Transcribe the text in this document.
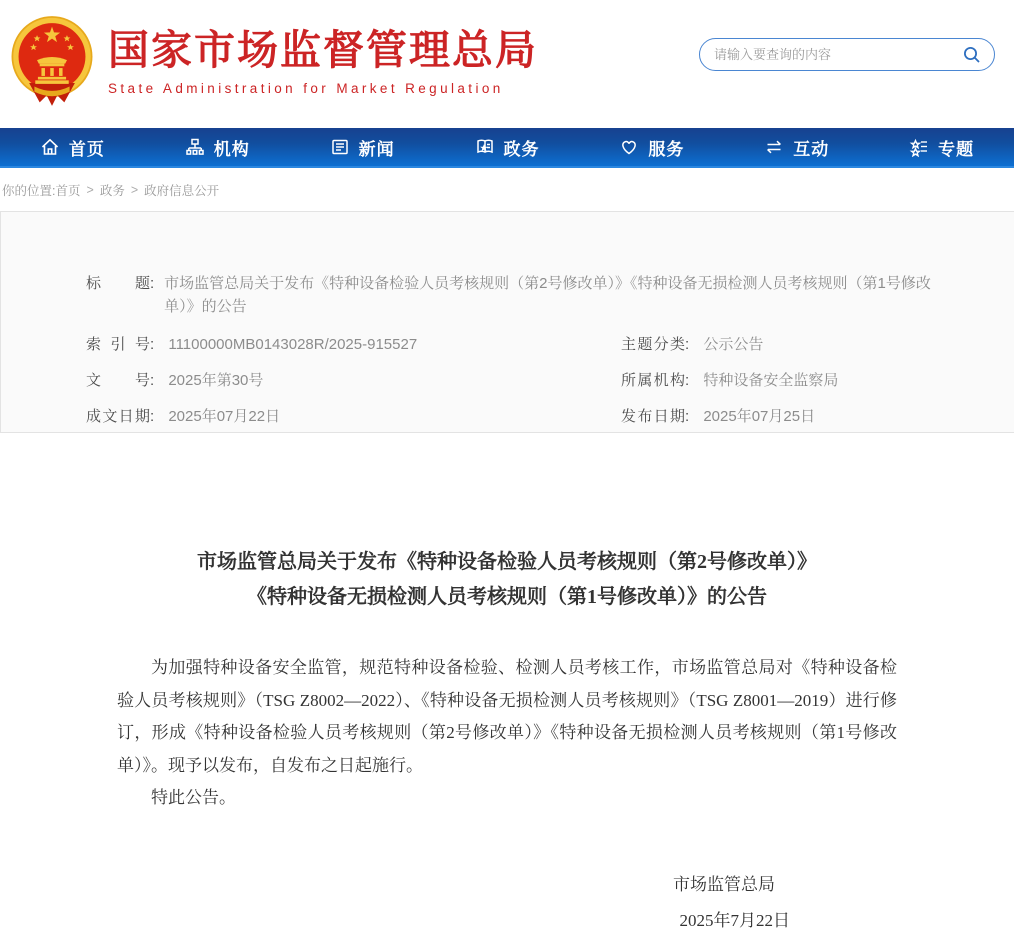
国家市场监督管理总局
State Administration for Market Regulation
请输入要查询的内容
首页	机构	新闻	政务	服务	互动	专题
你的位置: 首页 > 政务 > 政府信息公开
标题 : 市场监管总局关于发布《特种设备检验人员考核规则（第2号修改单）》《特种设备无损检测人员考核规则（第1号修改单）》的公告
索引号: 11100000MB0143028R/2025-915527	主题分类: 公示公告
文号: 2025年第30号	所属机构: 特种设备安全监察局
成文日期: 2025年07月22日	发布日期: 2025年07月25日
市场监管总局关于发布《特种设备检验人员考核规则（第2号修改单）》
《特种设备无损检测人员考核规则（第1号修改单）》的公告

为加强特种设备安全监管，规范特种设备检验、检测人员考核工作，市场监管总局对《特种设备检验人员考核规则》（TSG Z8002—2022）、《特种设备无损检测人员考核规则》（TSG Z8001—2019）进行修订，形成《特种设备检验人员考核规则（第2号修改单）》《特种设备无损检测人员考核规则（第1号修改单）》。现予以发布，自发布之日起施行。

特此公告。

市场监管总局
2025年7月22日
